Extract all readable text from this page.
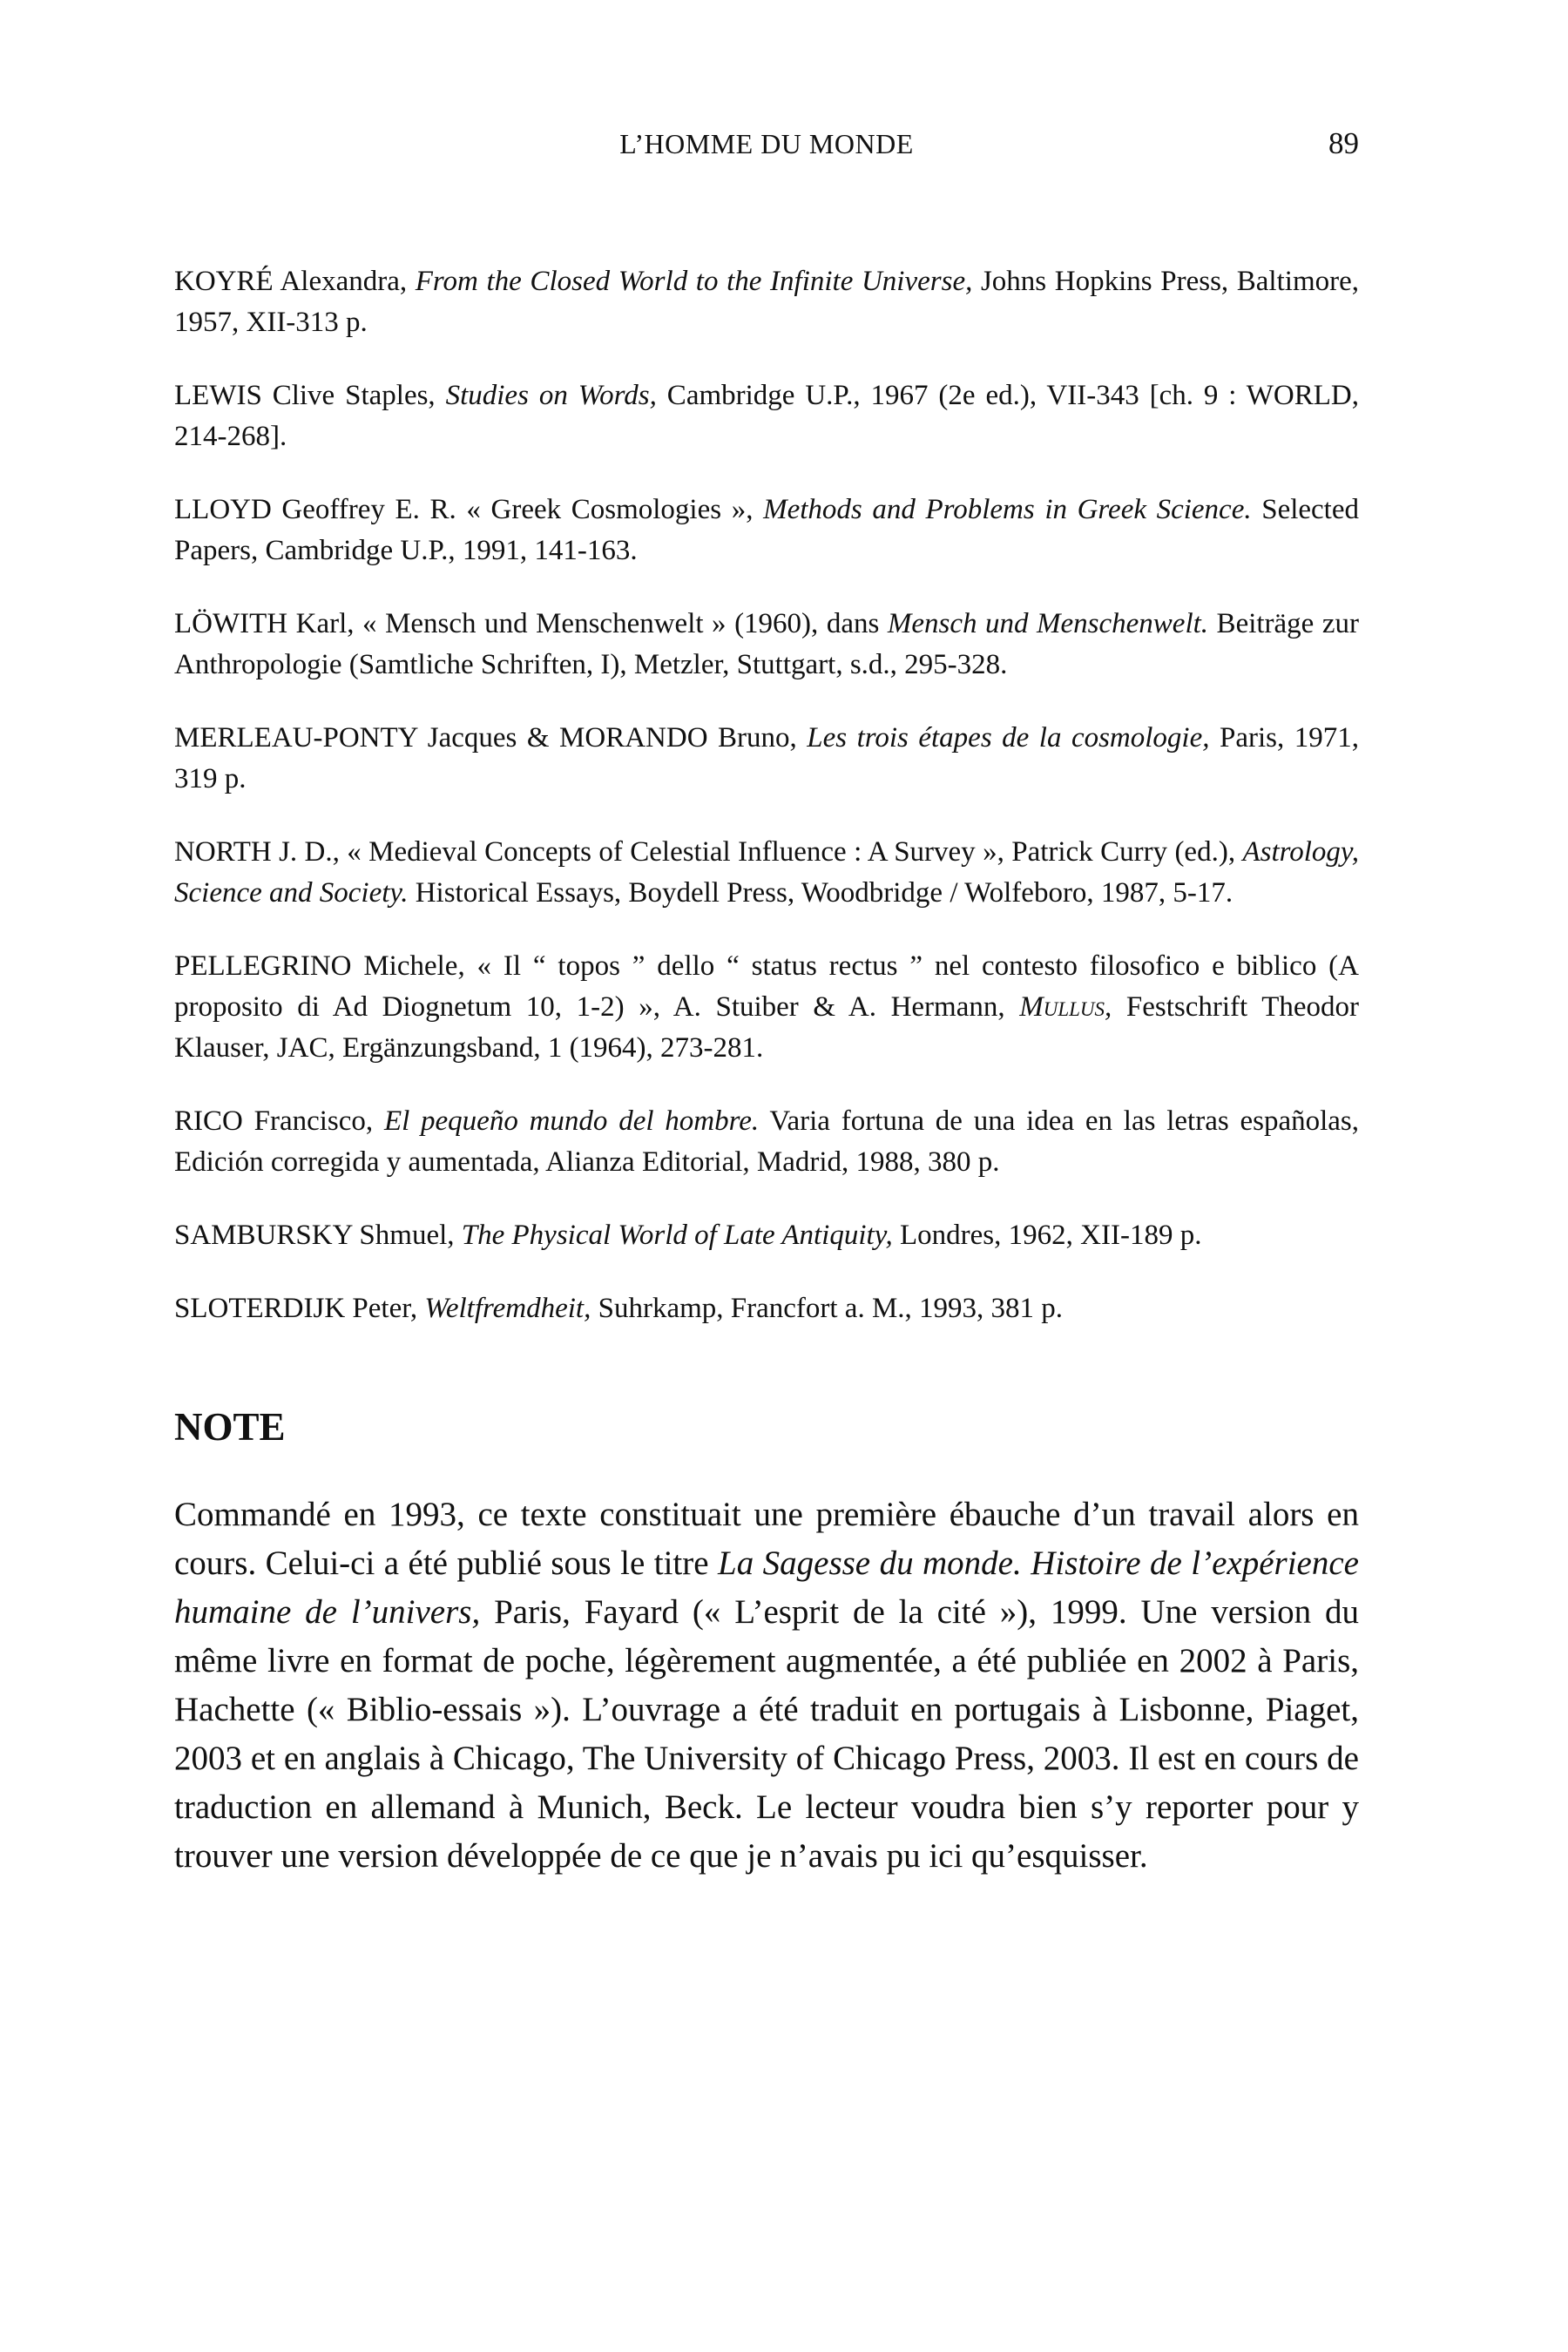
L’HOMME DU MONDE	89

KOYRÉ Alexandra, From the Closed World to the Infinite Universe, Johns Hopkins Press, Baltimore, 1957, XII-313 p.

LEWIS Clive Staples, Studies on Words, Cambridge U.P., 1967 (2e ed.), VII-343 [ch. 9 : WORLD, 214-268].

LLOYD Geoffrey E. R. « Greek Cosmologies », Methods and Problems in Greek Science. Selected Papers, Cambridge U.P., 1991, 141-163.

LÖWITH Karl, « Mensch und Menschenwelt » (1960), dans Mensch und Menschenwelt. Beiträge zur Anthropologie (Samtliche Schriften, I), Metzler, Stuttgart, s.d., 295-328.

MERLEAU-PONTY Jacques & MORANDO Bruno, Les trois étapes de la cosmologie, Paris, 1971, 319 p.

NORTH J. D., « Medieval Concepts of Celestial Influence : A Survey », Patrick Curry (ed.), Astrology, Science and Society. Historical Essays, Boydell Press, Woodbridge / Wolfeboro, 1987, 5-17.

PELLEGRINO Michele, « Il “ topos ” dello “ status rectus ” nel contesto filosofico e biblico (A proposito di Ad Diognetum 10, 1-2) », A. Stuiber & A. Hermann, Mullus, Festschrift Theodor Klauser, JAC, Ergänzungsband, 1 (1964), 273-281.

RICO Francisco, El pequeño mundo del hombre. Varia fortuna de una idea en las letras españolas, Edición corregida y aumentada, Alianza Editorial, Madrid, 1988, 380 p.

SAMBURSKY Shmuel, The Physical World of Late Antiquity, Londres, 1962, XII-189 p.

SLOTERDIJK Peter, Weltfremdheit, Suhrkamp, Francfort a. M., 1993, 381 p.

NOTE

Commandé en 1993, ce texte constituait une première ébauche d’un travail alors en cours. Celui-ci a été publié sous le titre La Sagesse du monde. Histoire de l’expérience humaine de l’univers, Paris, Fayard (« L’esprit de la cité »), 1999. Une version du même livre en format de poche, légèrement augmentée, a été publiée en 2002 à Paris, Hachette (« Biblio-essais »). L’ouvrage a été traduit en portugais à Lisbonne, Piaget, 2003 et en anglais à Chicago, The University of Chicago Press, 2003. Il est en cours de traduction en allemand à Munich, Beck. Le lecteur voudra bien s’y reporter pour y trouver une version développée de ce que je n’avais pu ici qu’esquisser.
